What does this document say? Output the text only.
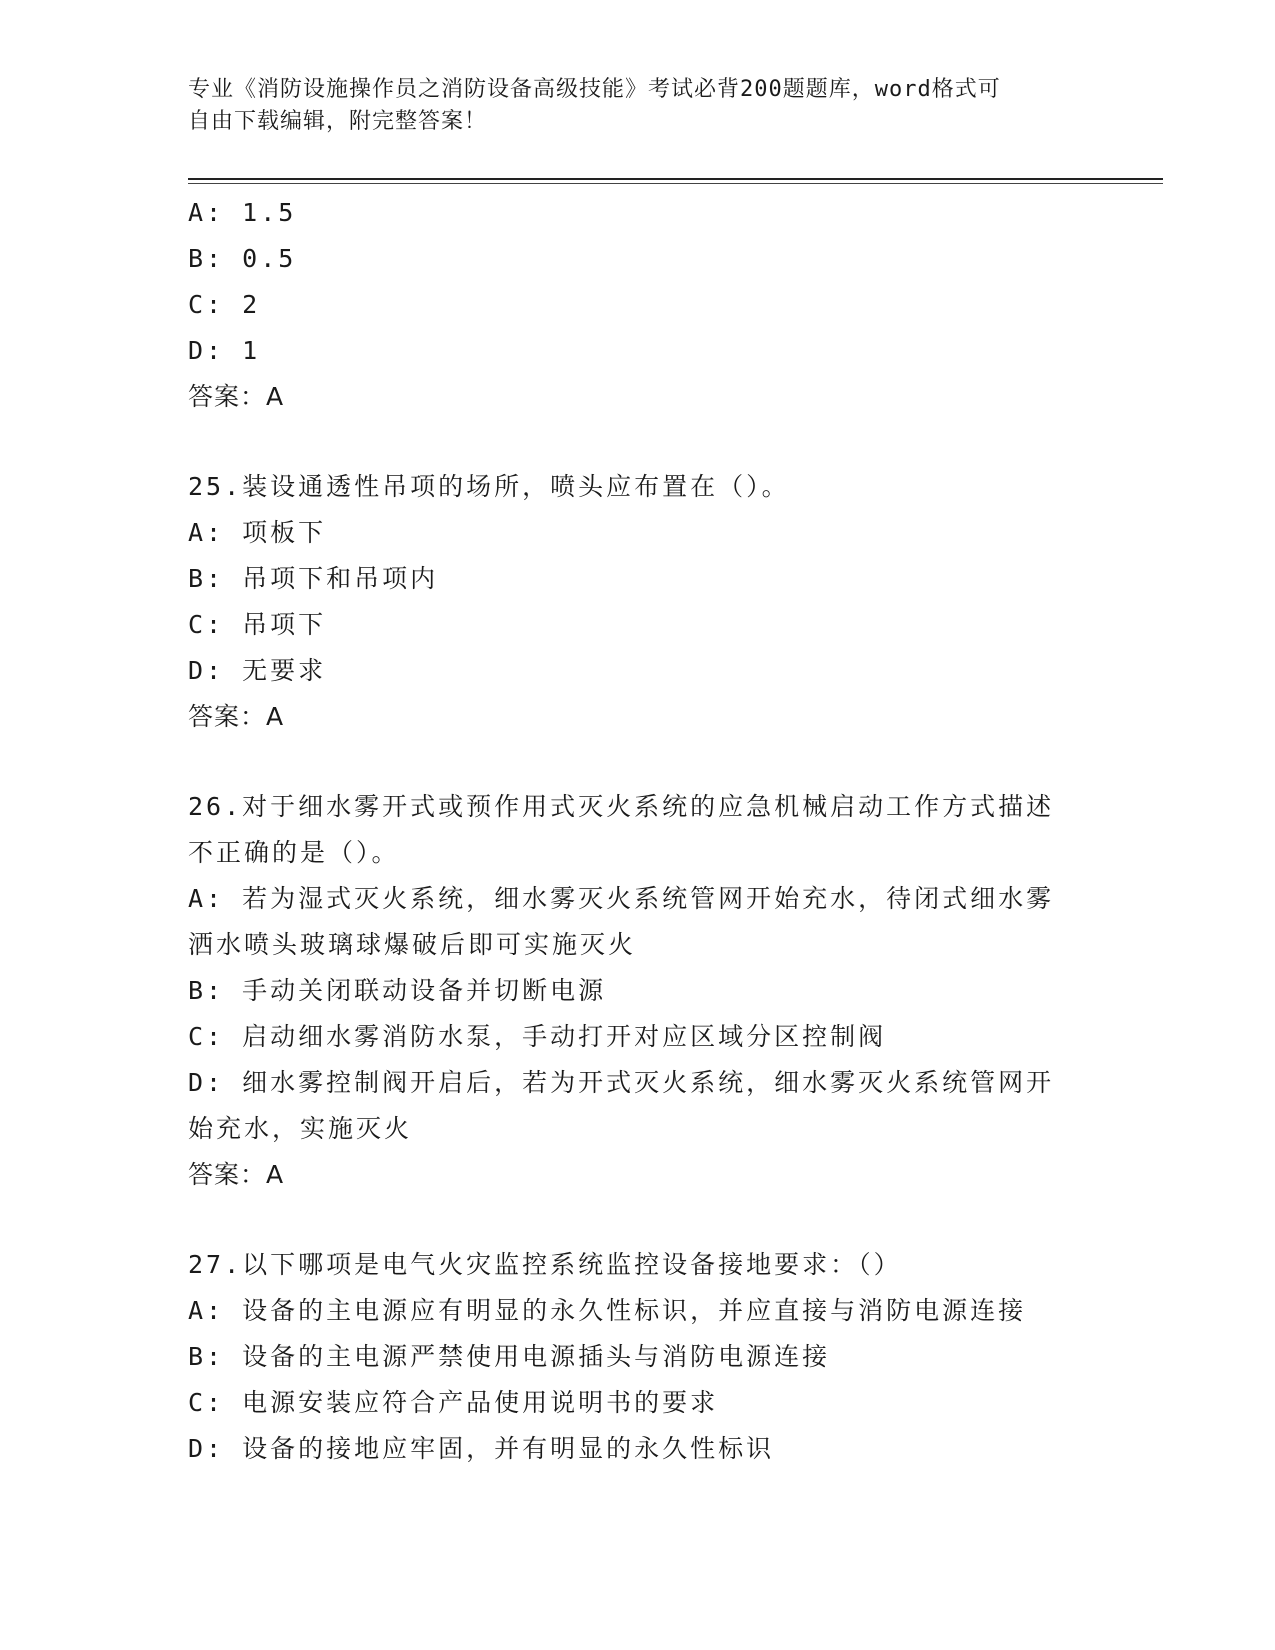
专业《消防设施操作员之消防设备高级技能》考试必背200题题库，word格式可
自由下载编辑，附完整答案！
A: 1.5
B: 0.5
C: 2
D: 1
答案：A
25.装设通透性吊项的场所，喷头应布置在（）。
A: 项板下
B: 吊项下和吊项内
C: 吊项下
D: 无要求
答案：A
26.对于细水雾开式或预作用式灭火系统的应急机械启动工作方式描述
不正确的是（）。
A: 若为湿式灭火系统，细水雾灭火系统管网开始充水，待闭式细水雾
洒水喷头玻璃球爆破后即可实施灭火
B: 手动关闭联动设备并切断电源
C: 启动细水雾消防水泵，手动打开对应区域分区控制阀
D: 细水雾控制阀开启后，若为开式灭火系统，细水雾灭火系统管网开
始充水，实施灭火
答案：A
27.以下哪项是电气火灾监控系统监控设备接地要求：（）
A: 设备的主电源应有明显的永久性标识，并应直接与消防电源连接
B: 设备的主电源严禁使用电源插头与消防电源连接
C: 电源安装应符合产品使用说明书的要求
D: 设备的接地应牢固，并有明显的永久性标识
